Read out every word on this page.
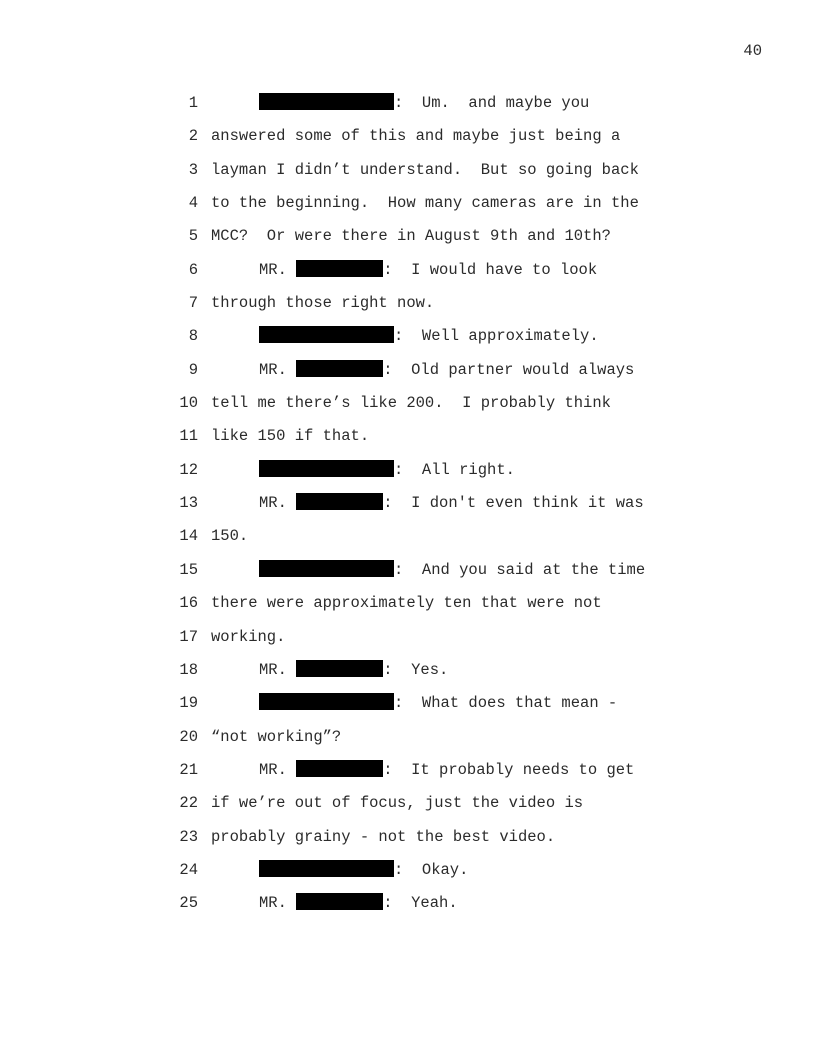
40
1	:  Um.  and maybe you
2 answered some of this and maybe just being a
3 layman I didn’t understand.  But so going back
4 to the beginning.  How many cameras are in the
5 MCC?  Or were there in August 9th and 10th?
6	MR.	:  I would have to look
7 through those right now.
8	:  Well approximately.
9	MR.	:  Old partner would always
10 tell me there’s like 200.  I probably think
11 like 150 if that.
12	:  All right.
13	MR.	:  I don't even think it was
14 150.
15	:  And you said at the time
16 there were approximately ten that were not
17 working.
18	MR.	:  Yes.
19	:  What does that mean -
20 “not working”?
21	MR.	:  It probably needs to get
22 if we’re out of focus, just the video is
23 probably grainy - not the best video.
24	:  Okay.
25	MR.	:  Yeah.
